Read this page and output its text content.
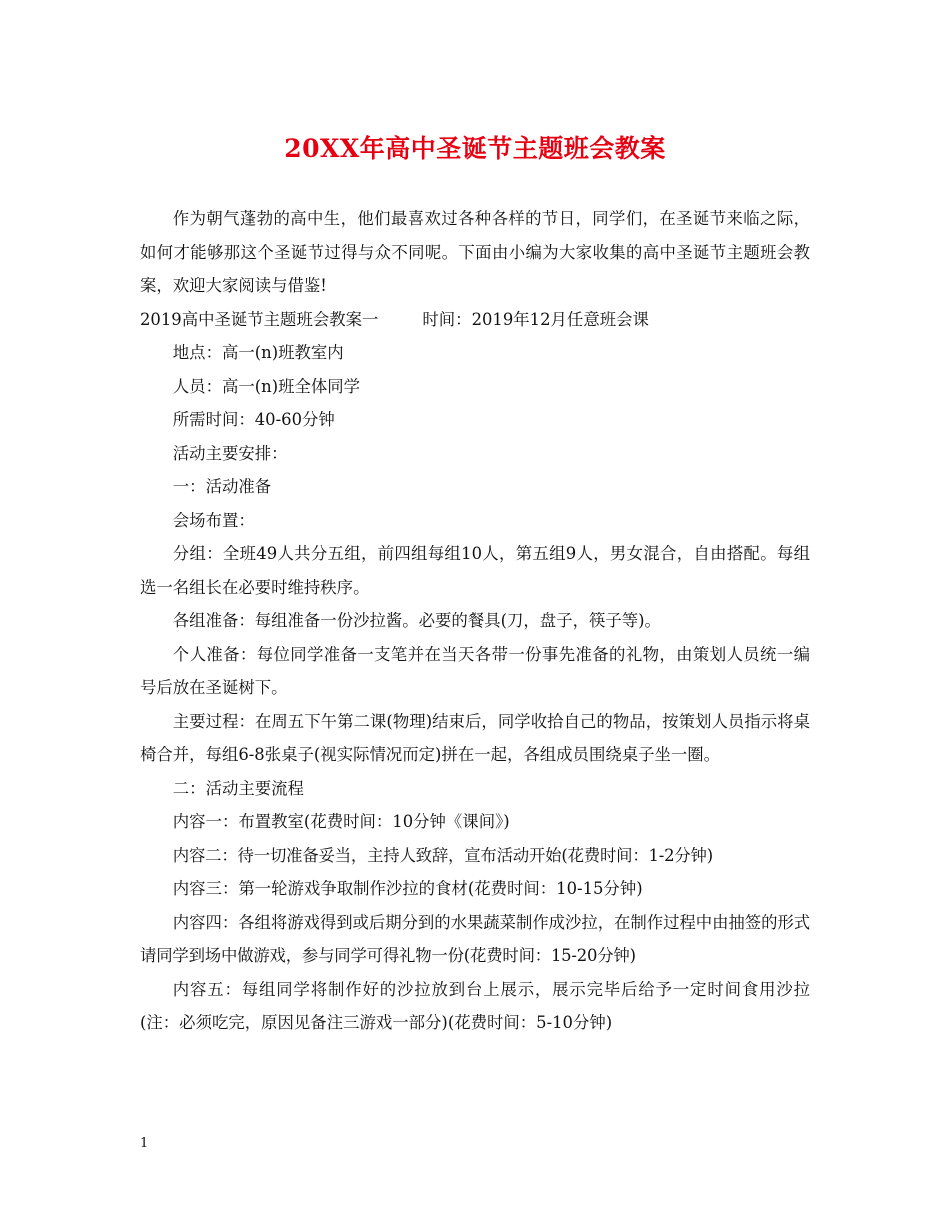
20XX年高中圣诞节主题班会教案

作为朝气蓬勃的高中生，他们最喜欢过各种各样的节日，同学们，在圣诞节来临之际，如何才能够那这个圣诞节过得与众不同呢。下面由小编为大家收集的高中圣诞节主题班会教案，欢迎大家阅读与借鉴!

2019高中圣诞节主题班会教案一	时间：2019年12月任意班会课

地点：高一(n)班教室内

人员：高一(n)班全体同学

所需时间：40-60分钟

活动主要安排：

一：活动准备

会场布置：

分组：全班49人共分五组，前四组每组10人，第五组9人，男女混合，自由搭配。每组选一名组长在必要时维持秩序。

各组准备：每组准备一份沙拉酱。必要的餐具(刀，盘子，筷子等)。

个人准备：每位同学准备一支笔并在当天各带一份事先准备的礼物，由策划人员统一编号后放在圣诞树下。

主要过程：在周五下午第二课(物理)结束后，同学收拾自己的物品，按策划人员指示将桌椅合并，每组6-8张桌子(视实际情况而定)拼在一起，各组成员围绕桌子坐一圈。

二：活动主要流程

内容一：布置教室(花费时间：10分钟《课间》)

内容二：待一切准备妥当，主持人致辞，宣布活动开始(花费时间：1-2分钟)

内容三：第一轮游戏争取制作沙拉的食材(花费时间：10-15分钟)

内容四：各组将游戏得到或后期分到的水果蔬菜制作成沙拉，在制作过程中由抽签的形式请同学到场中做游戏，参与同学可得礼物一份(花费时间：15-20分钟)

内容五：每组同学将制作好的沙拉放到台上展示，展示完毕后给予一定时间食用沙拉(注：必须吃完，原因见备注三游戏一部分)(花费时间：5-10分钟)

1
